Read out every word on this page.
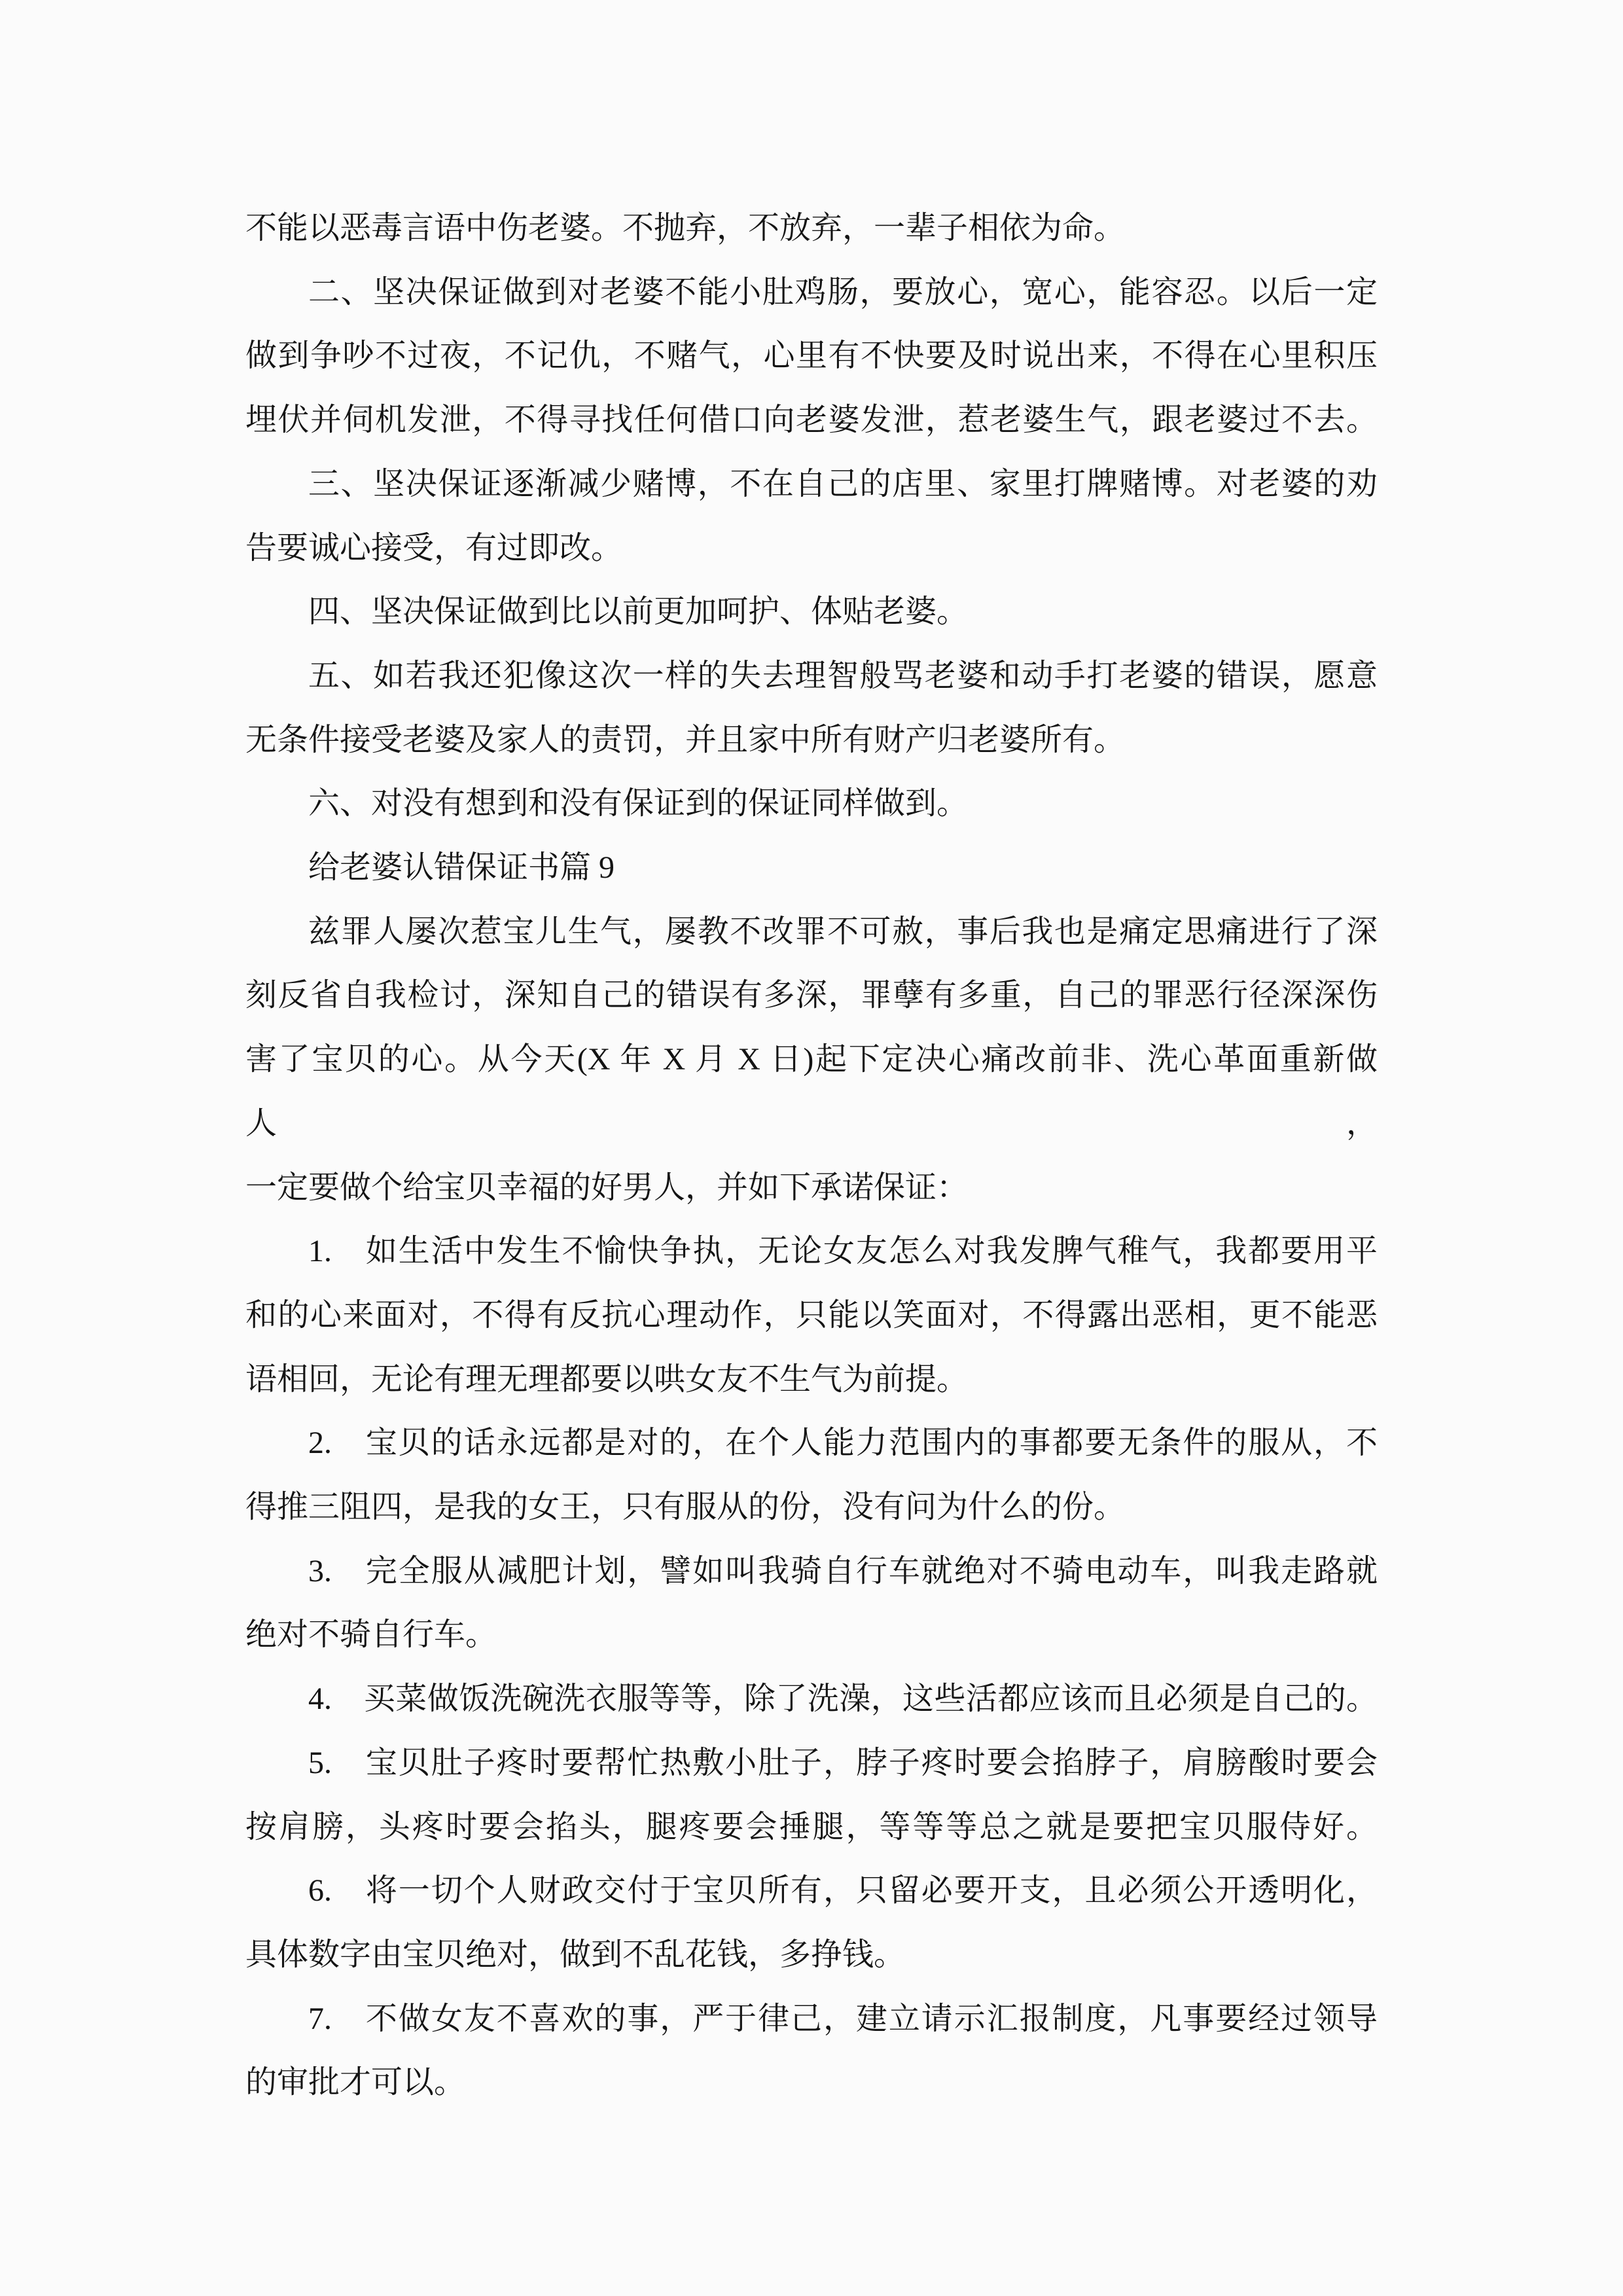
不能以恶毒言语中伤老婆。不抛弃，不放弃，一辈子相依为命。
二、坚决保证做到对老婆不能小肚鸡肠，要放心，宽心，能容忍。以后一定
做到争吵不过夜，不记仇，不赌气，心里有不快要及时说出来，不得在心里积压
埋伏并伺机发泄，不得寻找任何借口向老婆发泄，惹老婆生气，跟老婆过不去。
三、坚决保证逐渐减少赌博，不在自己的店里、家里打牌赌博。对老婆的劝
告要诚心接受，有过即改。
四、坚决保证做到比以前更加呵护、体贴老婆。
五、如若我还犯像这次一样的失去理智般骂老婆和动手打老婆的错误，愿意
无条件接受老婆及家人的责罚，并且家中所有财产归老婆所有。
六、对没有想到和没有保证到的保证同样做到。
给老婆认错保证书篇 9
兹罪人屡次惹宝儿生气，屡教不改罪不可赦，事后我也是痛定思痛进行了深
刻反省自我检讨，深知自己的错误有多深，罪孽有多重，自己的罪恶行径深深伤
害了宝贝的心。从今天(X 年 X 月 X 日)起下定决心痛改前非、洗心革面重新做人，
一定要做个给宝贝幸福的好男人，并如下承诺保证：
1.　如生活中发生不愉快争执，无论女友怎么对我发脾气稚气，我都要用平
和的心来面对，不得有反抗心理动作，只能以笑面对，不得露出恶相，更不能恶
语相回，无论有理无理都要以哄女友不生气为前提。
2.　宝贝的话永远都是对的，在个人能力范围内的事都要无条件的服从，不
得推三阻四，是我的女王，只有服从的份，没有问为什么的份。
3.　完全服从减肥计划，譬如叫我骑自行车就绝对不骑电动车，叫我走路就
绝对不骑自行车。
4.　买菜做饭洗碗洗衣服等等，除了洗澡，这些活都应该而且必须是自己的。
5.　宝贝肚子疼时要帮忙热敷小肚子，脖子疼时要会掐脖子，肩膀酸时要会
按肩膀，头疼时要会掐头，腿疼要会捶腿，等等等总之就是要把宝贝服侍好。
6.　将一切个人财政交付于宝贝所有，只留必要开支，且必须公开透明化，
具体数字由宝贝绝对，做到不乱花钱，多挣钱。
7.　不做女友不喜欢的事，严于律己，建立请示汇报制度，凡事要经过领导
的审批才可以。
